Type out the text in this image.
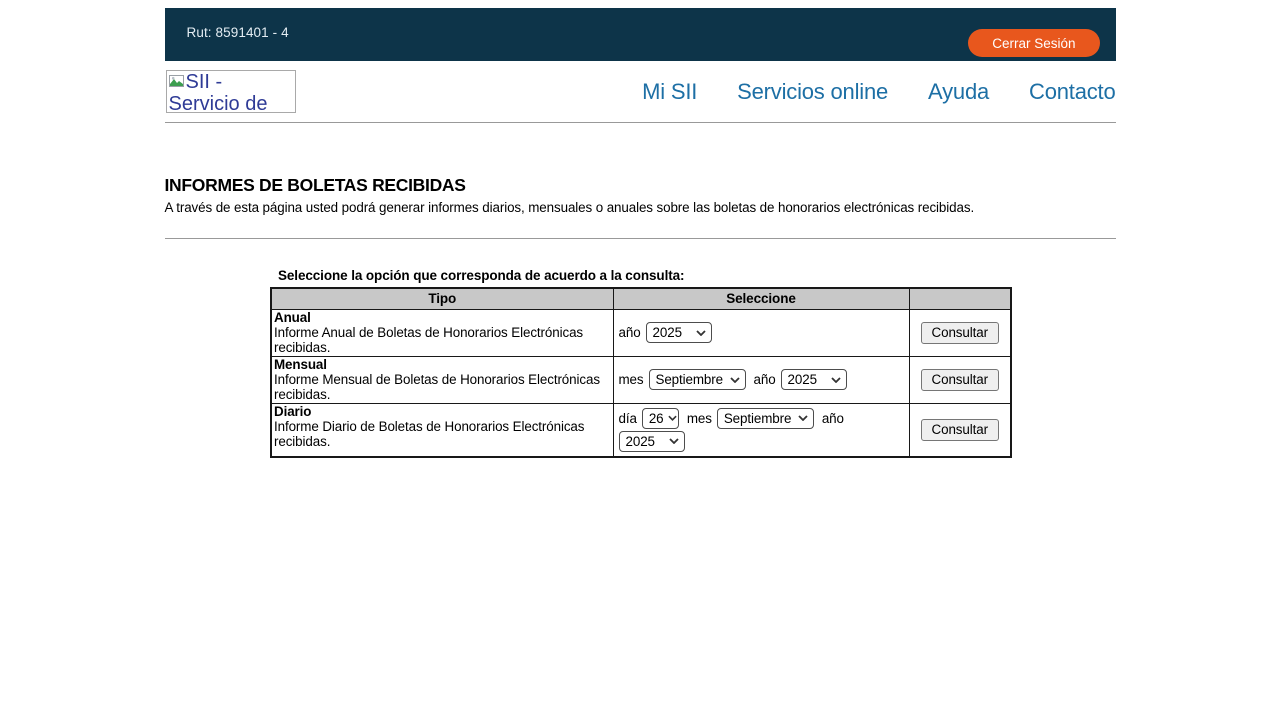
Rut: 8591401 - 4
Cerrar Sesión
SII - Servicio de	Mi SII Servicios online Ayuda Contacto
INFORMES DE BOLETAS RECIBIDAS

A través de esta página usted podrá generar informes diarios, mensuales o anuales sobre las boletas de honorarios electrónicas recibidas.

Seleccione la opción que corresponda de acuerdo a la consulta:
Tipo	Seleccione	

Anual
Informe Anual de Boletas de Honorarios Electrónicas recibidas.

año 2025	Consultar

Mensual
Informe Mensual de Boletas de Honorarios Electrónicas recibidas.

mes Septiembre año 2025	Consultar

Diario
Informe Diario de Boletas de Honorarios Electrónicas recibidas.

día 26 mes Septiembre año
2025
	Consultar
